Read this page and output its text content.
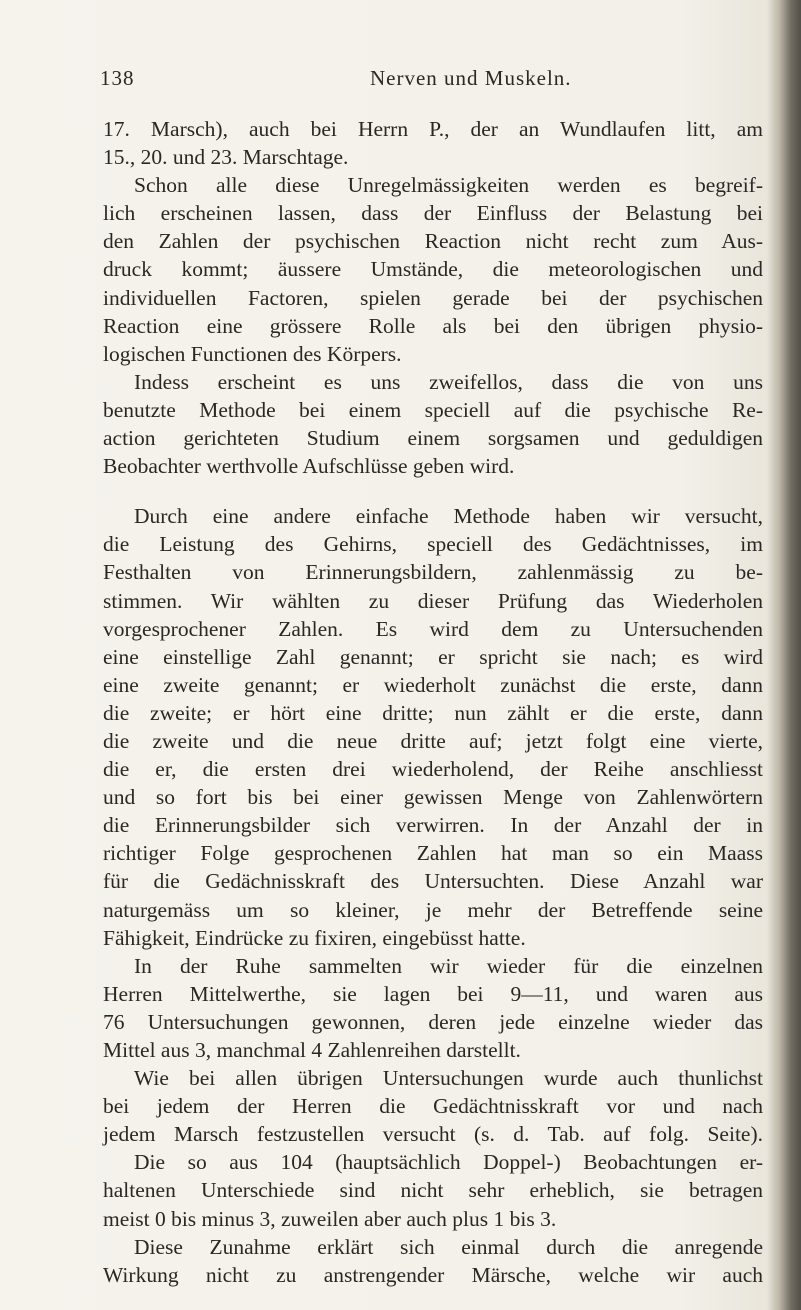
138	Nerven und Muskeln.
17. Marsch), auch bei Herrn P., der an Wundlaufen litt, am
15., 20. und 23. Marschtage.
Schon alle diese Unregelmässigkeiten werden es begreif-
lich erscheinen lassen, dass der Einfluss der Belastung bei
den Zahlen der psychischen Reaction nicht recht zum Aus-
druck kommt; äussere Umstände, die meteorologischen und
individuellen Factoren, spielen gerade bei der psychischen
Reaction eine grössere Rolle als bei den übrigen physio-
logischen Functionen des Körpers.
Indess erscheint es uns zweifellos, dass die von uns
benutzte Methode bei einem speciell auf die psychische Re-
action gerichteten Studium einem sorgsamen und geduldigen
Beobachter werthvolle Aufschlüsse geben wird.
Durch eine andere einfache Methode haben wir versucht,
die Leistung des Gehirns, speciell des Gedächtnisses, im
Festhalten von Erinnerungsbildern, zahlenmässig zu be-
stimmen. Wir wählten zu dieser Prüfung das Wiederholen
vorgesprochener Zahlen. Es wird dem zu Untersuchenden
eine einstellige Zahl genannt; er spricht sie nach; es wird
eine zweite genannt; er wiederholt zunächst die erste, dann
die zweite; er hört eine dritte; nun zählt er die erste, dann
die zweite und die neue dritte auf; jetzt folgt eine vierte,
die er, die ersten drei wiederholend, der Reihe anschliesst
und so fort bis bei einer gewissen Menge von Zahlenwörtern
die Erinnerungsbilder sich verwirren. In der Anzahl der in
richtiger Folge gesprochenen Zahlen hat man so ein Maass
für die Gedächnisskraft des Untersuchten. Diese Anzahl war
naturgemäss um so kleiner, je mehr der Betreffende seine
Fähigkeit, Eindrücke zu fixiren, eingebüsst hatte.
In der Ruhe sammelten wir wieder für die einzelnen
Herren Mittelwerthe, sie lagen bei 9—11, und waren aus
76 Untersuchungen gewonnen, deren jede einzelne wieder das
Mittel aus 3, manchmal 4 Zahlenreihen darstellt.
Wie bei allen übrigen Untersuchungen wurde auch thunlichst
bei jedem der Herren die Gedächtnisskraft vor und nach
jedem Marsch festzustellen versucht (s. d. Tab. auf folg. Seite).
Die so aus 104 (hauptsächlich Doppel-) Beobachtungen er-
haltenen Unterschiede sind nicht sehr erheblich, sie betragen
meist 0 bis minus 3, zuweilen aber auch plus 1 bis 3.
Diese Zunahme erklärt sich einmal durch die anregende
Wirkung nicht zu anstrengender Märsche, welche wir auch
